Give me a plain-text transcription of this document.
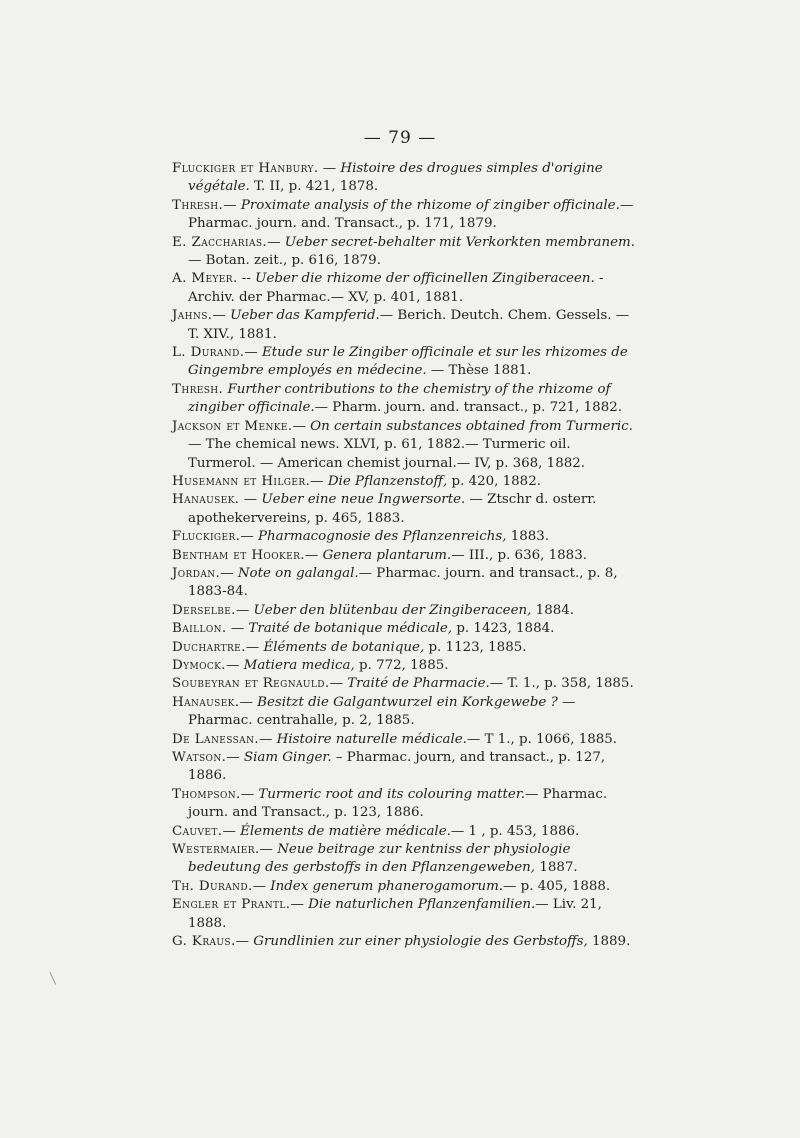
— 79 —

Fluckiger et Hanbury. — Histoire des drogues simples d'origine végétale. T. II, p. 421, 1878.

Thresh.— Proximate analysis of the rhizome of zingiber officinale.— Pharmac. journ. and. Transact., p. 171, 1879.

E. Zaccharias.— Ueber secret-behalter mit Verkorkten membranem. — Botan. zeit., p. 616, 1879.

A. Meyer. -- Ueber die rhizome der officinellen Zingiberaceen. - Archiv. der Pharmac.— XV, p. 401, 1881.

Jahns.— Ueber das Kampferid.— Berich. Deutch. Chem. Gessels. — T. XIV., 1881.

L. Durand.— Etude sur le Zingiber officinale et sur les rhizomes de Gingembre employés en médecine. — Thèse 1881.

Thresh. Further contributions to the chemistry of the rhizome of zingiber officinale.— Pharm. journ. and. transact., p. 721, 1882.

Jackson et Menke.— On certain substances obtained from Turmeric.— The chemical news. XLVI, p. 61, 1882.— Turmeric oil. Turmerol. — American chemist journal.— IV, p. 368, 1882.

Husemann et Hilger.— Die Pflanzenstoff, p. 420, 1882.

Hanausek. — Ueber eine neue Ingwersorte. — Ztschr d. osterr. apothekervereins, p. 465, 1883.

Fluckiger.— Pharmacognosie des Pflanzenreichs, 1883.

Bentham et Hooker.— Genera plantarum.— III., p. 636, 1883.

Jordan.— Note on galangal.— Pharmac. journ. and transact., p. 8, 1883-84.

Derselbe.— Ueber den blütenbau der Zingiberaceen, 1884.

Baillon. — Traité de botanique médicale, p. 1423, 1884.

Duchartre.— Éléments de botanique, p. 1123, 1885.

Dymock.— Matiera medica, p. 772, 1885.

Soubeyran et Regnauld.— Traité de Pharmacie.— T. 1., p. 358, 1885.

Hanausek.— Besitzt die Galgantwurzel ein Korkgewebe ? — Pharmac. centrahalle, p. 2, 1885.

De Lanessan.— Histoire naturelle médicale.— T 1., p. 1066, 1885.

Watson.— Siam Ginger. – Pharmac. journ, and transact., p. 127, 1886.

Thompson.— Turmeric root and its colouring matter.— Pharmac. journ. and Transact., p. 123, 1886.

Cauvet.— Élements de matière médicale.— 1 , p. 453, 1886.

Westermaier.— Neue beitrage zur kentniss der physiologie bedeutung des gerbstoffs in den Pflanzengeweben, 1887.

Th. Durand.— Index generum phanerogamorum.— p. 405, 1888.

Engler et Prantl.— Die naturlichen Pflanzenfamilien.— Liv. 21, 1888.

G. Kraus.— Grundlinien zur einer physiologie des Gerbstoffs, 1889.
